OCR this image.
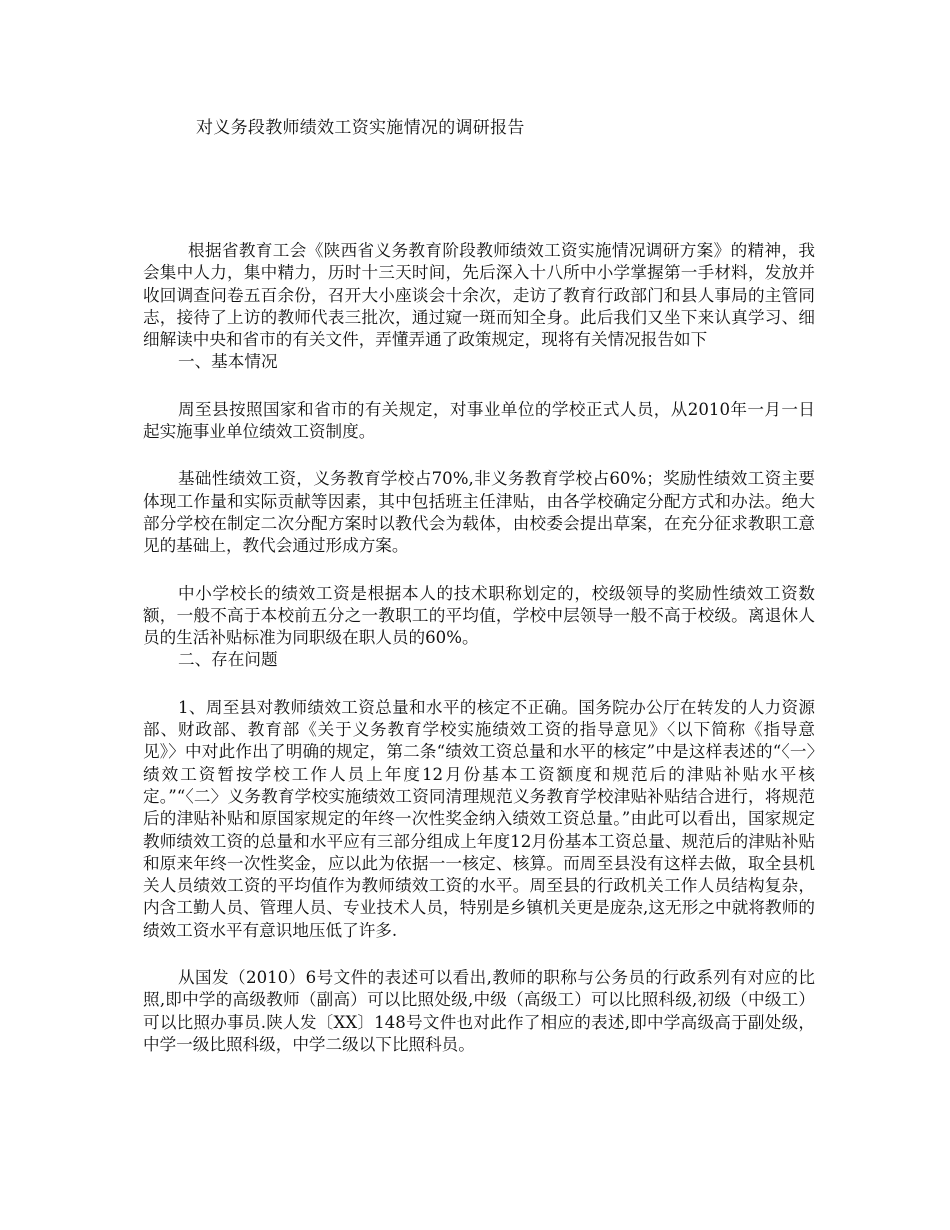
对义务段教师绩效工资实施情况的调研报告

根据省教育工会《陕西省义务教育阶段教师绩效工资实施情况调研方案》的精神，我会集中人力，集中精力，历时十三天时间，先后深入十八所中小学掌握第一手材料，发放并收回调查问卷五百余份，召开大小座谈会十余次，走访了教育行政部门和县人事局的主管同志，接待了上访的教师代表三批次，通过窥一斑而知全身。此后我们又坐下来认真学习、细细解读中央和省市的有关文件，弄懂弄通了政策规定，现将有关情况报告如下

一、基本情况

周至县按照国家和省市的有关规定，对事业单位的学校正式人员，从2010年一月一日起实施事业单位绩效工资制度。

基础性绩效工资，义务教育学校占70%,非义务教育学校占60%；奖励性绩效工资主要体现工作量和实际贡献等因素，其中包括班主任津贴，由各学校确定分配方式和办法。绝大部分学校在制定二次分配方案时以教代会为载体，由校委会提出草案，在充分征求教职工意见的基础上，教代会通过形成方案。

中小学校长的绩效工资是根据本人的技术职称划定的，校级领导的奖励性绩效工资数额，一般不高于本校前五分之一教职工的平均值，学校中层领导一般不高于校级。离退休人员的生活补贴标准为同职级在职人员的60%。

二、存在问题

1、周至县对教师绩效工资总量和水平的核定不正确。国务院办公厅在转发的人力资源部、财政部、教育部《关于义务教育学校实施绩效工资的指导意见》〈以下简称《指导意见》〉中对此作出了明确的规定，第二条“绩效工资总量和水平的核定”中是这样表述的“〈一〉绩效工资暂按学校工作人员上年度12月份基本工资额度和规范后的津贴补贴水平核定。”“〈二〉义务教育学校实施绩效工资同清理规范义务教育学校津贴补贴结合进行，将规范后的津贴补贴和原国家规定的年终一次性奖金纳入绩效工资总量。”由此可以看出，国家规定教师绩效工资的总量和水平应有三部分组成上年度12月份基本工资总量、规范后的津贴补贴和原来年终一次性奖金，应以此为依据一一核定、核算。而周至县没有这样去做，取全县机关人员绩效工资的平均值作为教师绩效工资的水平。周至县的行政机关工作人员结构复杂，内含工勤人员、管理人员、专业技术人员，特别是乡镇机关更是庞杂,这无形之中就将教师的绩效工资水平有意识地压低了许多.

从国发（2010）6号文件的表述可以看出,教师的职称与公务员的行政系列有对应的比照,即中学的高级教师（副高）可以比照处级,中级（高级工）可以比照科级,初级（中级工）可以比照办事员.陕人发〔XX〕148号文件也对此作了相应的表述,即中学高级高于副处级，中学一级比照科级，中学二级以下比照科员。
